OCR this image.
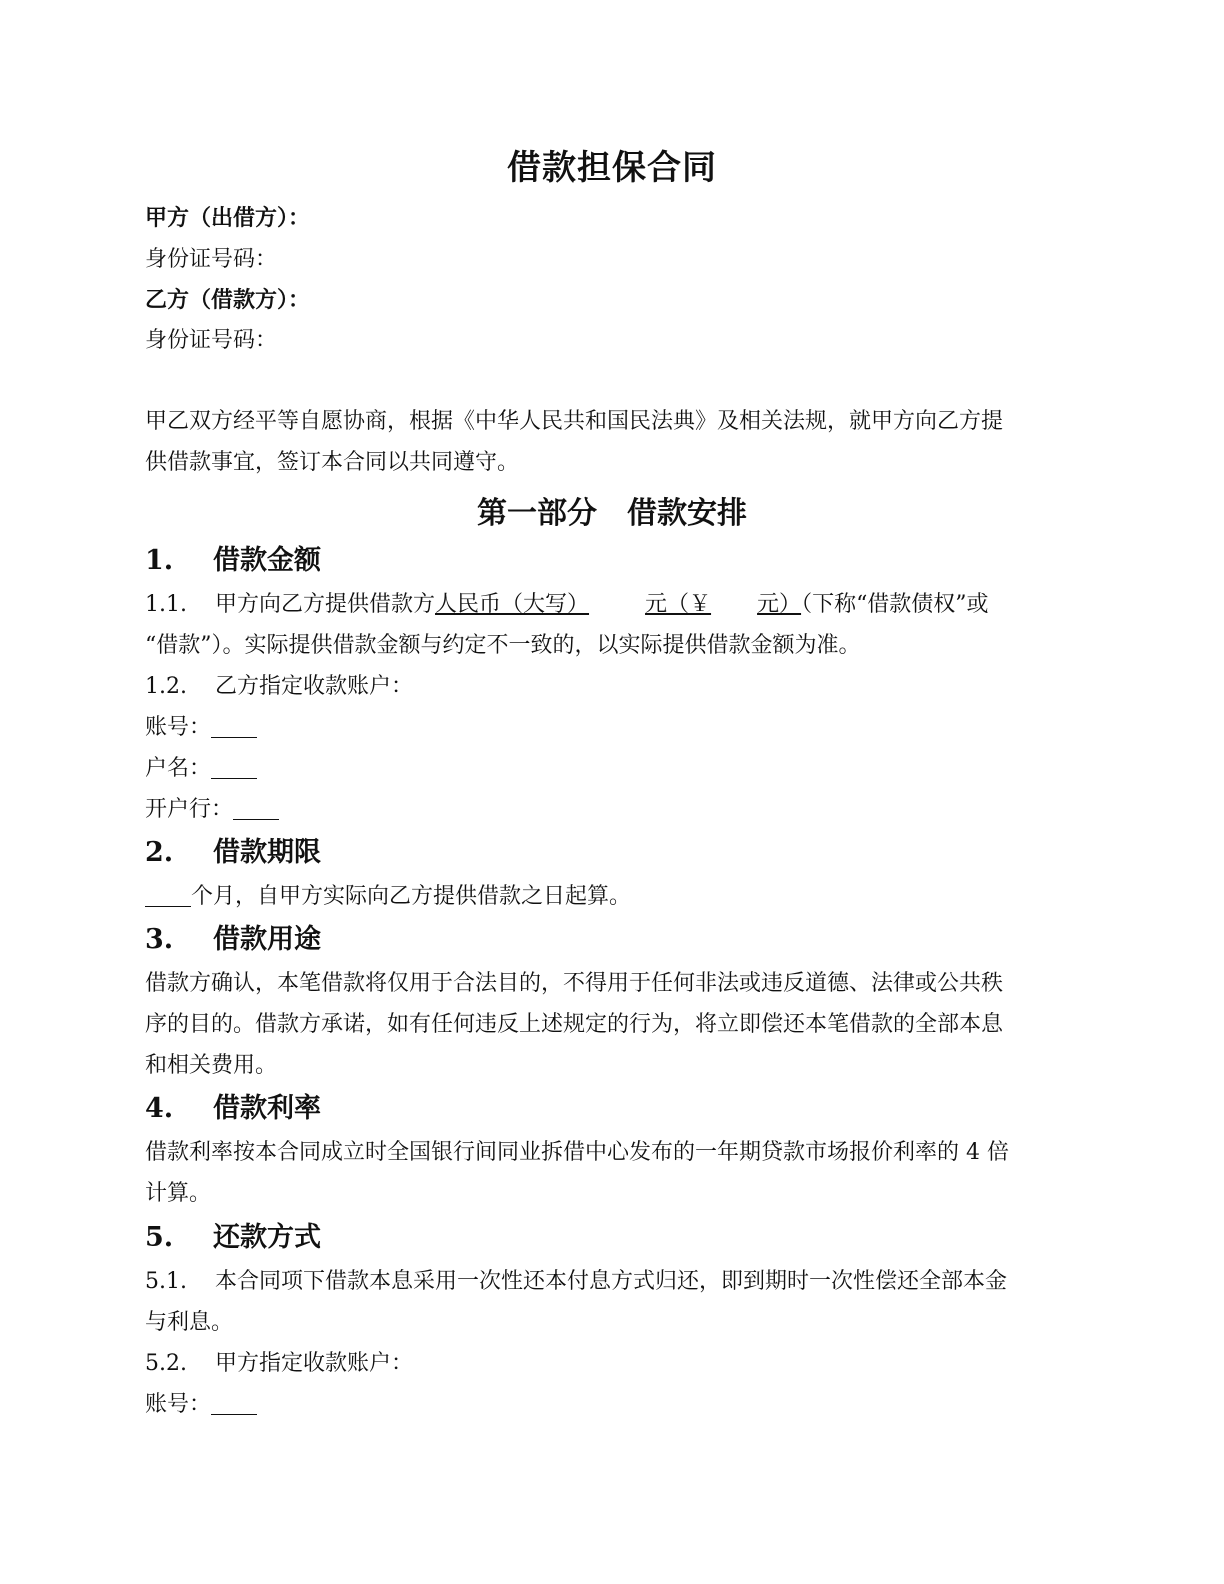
借款担保合同
甲方（出借方）：
身份证号码：
乙方（借款方）：
身份证号码：
甲乙双方经平等自愿协商，根据《中华人民共和国民法典》及相关法规，就甲方向乙方提
供借款事宜，签订本合同以共同遵守。
第一部分　借款安排
1. 借款金额
1.1. 甲方向乙方提供借款方人民币（大写）	元（￥ 元）（下称“借款债权”或
“借款”）。实际提供借款金额与约定不一致的，以实际提供借款金额为准。
1.2. 乙方指定收款账户：
账号：
户名：
开户行：
2. 借款期限
个月，自甲方实际向乙方提供借款之日起算。
3. 借款用途
借款方确认，本笔借款将仅用于合法目的，不得用于任何非法或违反道德、法律或公共秩
序的目的。借款方承诺，如有任何违反上述规定的行为，将立即偿还本笔借款的全部本息
和相关费用。
4. 借款利率
借款利率按本合同成立时全国银行间同业拆借中心发布的一年期贷款市场报价利率的 4 倍
计算。
5. 还款方式
5.1. 本合同项下借款本息采用一次性还本付息方式归还，即到期时一次性偿还全部本金
与利息。
5.2. 甲方指定收款账户：
账号：
